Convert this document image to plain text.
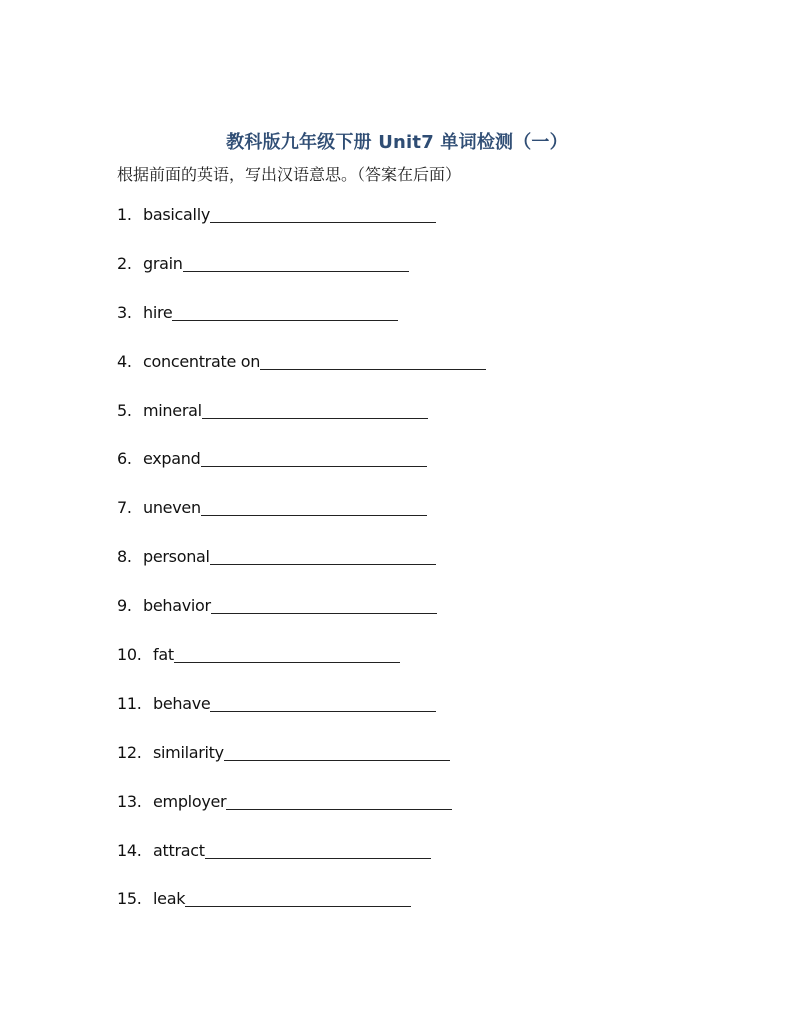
教科版九年级下册 Unit7 单词检测（一）
根据前面的英语，写出汉语意思。（答案在后面）
1. basically
2. grain
3. hire
4. concentrate on
5. mineral
6. expand
7. uneven
8. personal
9. behavior
10. fat
11. behave
12. similarity
13. employer
14. attract
15. leak
